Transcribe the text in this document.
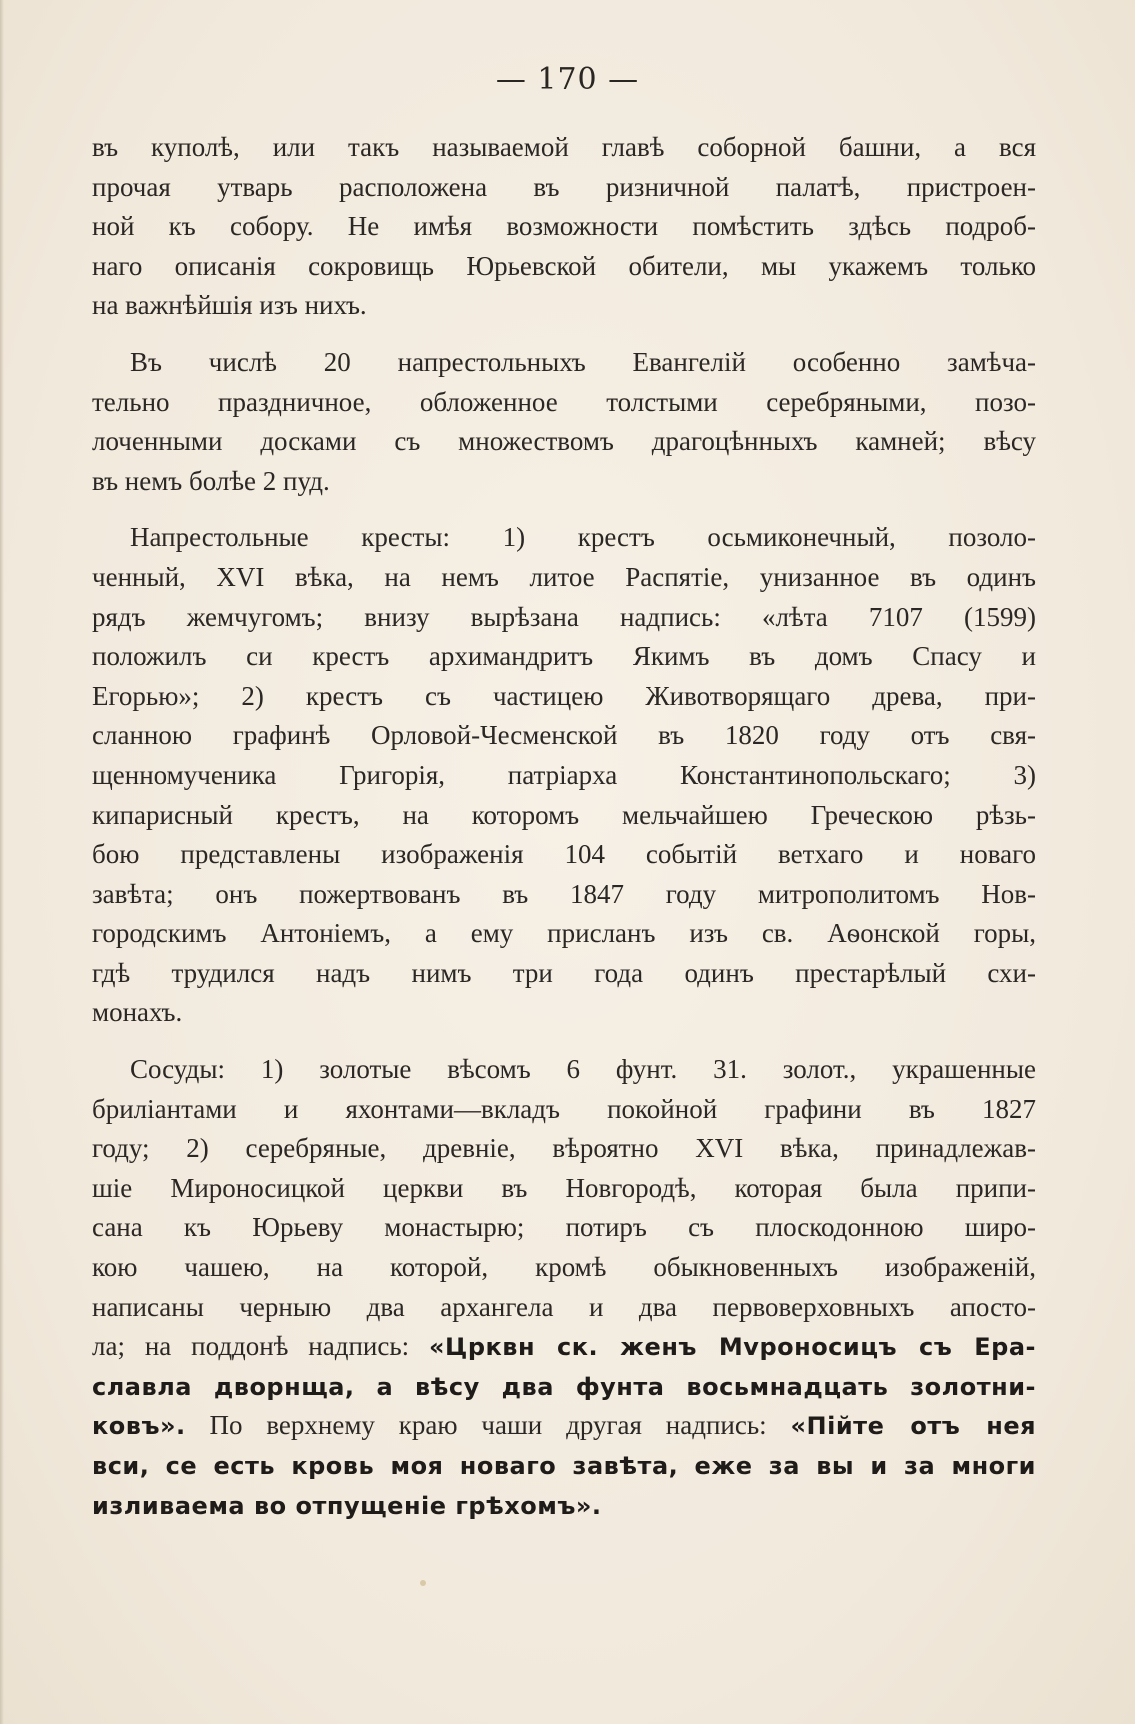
— 170 —
въ куполѣ, или такъ называемой главѣ соборной башни, а вся
прочая утварь расположена въ ризничной палатѣ, пристроен-
ной къ собору. Не имѣя возможности помѣстить здѣсь подроб-
наго описанія сокровищь Юрьевской обители, мы укажемъ только
на важнѣйшія изъ нихъ.
Въ числѣ 20 напрестольныхъ Евангелій особенно замѣча-
тельно праздничное, обложенное толстыми серебряными, позо-
лоченными досками съ множествомъ драгоцѣнныхъ камней; вѣсу
въ немъ болѣе 2 пуд.
Напрестольные кресты: 1) крестъ осьмиконечный, позоло-
ченный, XVI вѣка, на немъ литое Распятіе, унизанное въ одинъ
рядъ жемчугомъ; внизу вырѣзана надпись: «лѣта 7107 (1599)
положилъ си крестъ архимандритъ Якимъ въ домъ Спасу и
Егорью»; 2) крестъ съ частицею Животворящаго древа, при-
сланною графинѣ Орловой-Чесменской въ 1820 году отъ свя-
щенномученика Григорія, патріарха Константинопольскаго; 3)
кипарисный крестъ, на которомъ мельчайшею Греческою рѣзь-
бою представлены изображенія 104 событій ветхаго и новаго
завѣта; онъ пожертвованъ въ 1847 году митрополитомъ Нов-
городскимъ Антоніемъ, а ему присланъ изъ св. Аѳонской горы,
гдѣ трудился надъ нимъ три года одинъ престарѣлый схи-
монахъ.
Сосуды: 1) золотые вѣсомъ 6 фунт. 31. золот., украшенные
бриліантами и яхонтами—вкладъ покойной графини въ 1827
году; 2) серебряные, древніе, вѣроятно XVI вѣка, принадлежав-
шіе Мироносицкой церкви въ Новгородѣ, которая была припи-
сана къ Юрьеву монастырю; потиръ съ плоскодонною широ-
кою чашею, на которой, кромѣ обыкновенныхъ изображеній,
написаны черныю два архангела и два первоверховныхъ апосто-
ла; на поддонѣ надпись: «Црквн ск. женъ Мvроносицъ съ Ера-
славла дворнща, а вѣсу два фунта восьмнадцать золотни-
ковъ». По верхнему краю чаши другая надпись: «Пійте отъ нея
вси, се есть кровь моя новаго завѣта, еже за вы и за многи
изливаема во отпущеніе грѣхомъ».
